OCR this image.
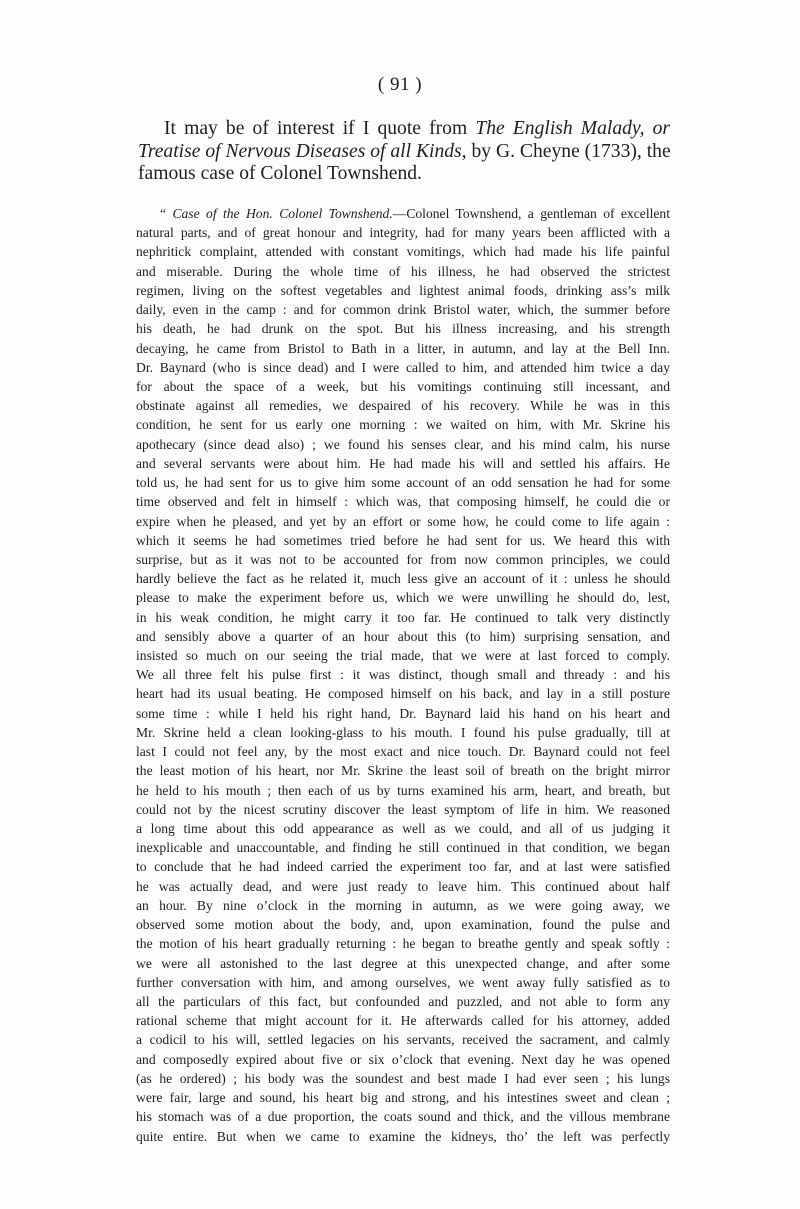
( 91 )
It may be of interest if I quote from The English Malady, or
Treatise of Nervous Diseases of all Kinds, by G. Cheyne (1733), the
famous case of Colonel Townshend.
“ Case of the Hon. Colonel Townshend.—Colonel Townshend, a gentleman of excellent
natural parts, and of great honour and integrity, had for many years been afflicted with a
nephritick complaint, attended with constant vomitings, which had made his life painful
and miserable. During the whole time of his illness, he had observed the strictest
regimen, living on the softest vegetables and lightest animal foods, drinking ass’s milk
daily, even in the camp : and for common drink Bristol water, which, the summer before
his death, he had drunk on the spot. But his illness increasing, and his strength
decaying, he came from Bristol to Bath in a litter, in autumn, and lay at the Bell Inn.
Dr. Baynard (who is since dead) and I were called to him, and attended him twice a day
for about the space of a week, but his vomitings continuing still incessant, and
obstinate against all remedies, we despaired of his recovery. While he was in this
condition, he sent for us early one morning : we waited on him, with Mr. Skrine his
apothecary (since dead also) ; we found his senses clear, and his mind calm, his nurse
and several servants were about him. He had made his will and settled his affairs. He
told us, he had sent for us to give him some account of an odd sensation he had for some
time observed and felt in himself : which was, that composing himself, he could die or
expire when he pleased, and yet by an effort or some how, he could come to life again :
which it seems he had sometimes tried before he had sent for us. We heard this with
surprise, but as it was not to be accounted for from now common principles, we could
hardly believe the fact as he related it, much less give an account of it : unless he should
please to make the experiment before us, which we were unwilling he should do, lest,
in his weak condition, he might carry it too far. He continued to talk very distinctly
and sensibly above a quarter of an hour about this (to him) surprising sensation, and
insisted so much on our seeing the trial made, that we were at last forced to comply.
We all three felt his pulse first : it was distinct, though small and thready : and his
heart had its usual beating. He composed himself on his back, and lay in a still posture
some time : while I held his right hand, Dr. Baynard laid his hand on his heart and
Mr. Skrine held a clean looking-glass to his mouth. I found his pulse gradually, till at
last I could not feel any, by the most exact and nice touch. Dr. Baynard could not feel
the least motion of his heart, nor Mr. Skrine the least soil of breath on the bright mirror
he held to his mouth ; then each of us by turns examined his arm, heart, and breath, but
could not by the nicest scrutiny discover the least symptom of life in him. We reasoned
a long time about this odd appearance as well as we could, and all of us judging it
inexplicable and unaccountable, and finding he still continued in that condition, we began
to conclude that he had indeed carried the experiment too far, and at last were satisfied
he was actually dead, and were just ready to leave him. This continued about half
an hour. By nine o’clock in the morning in autumn, as we were going away, we
observed some motion about the body, and, upon examination, found the pulse and
the motion of his heart gradually returning : he began to breathe gently and speak softly :
we were all astonished to the last degree at this unexpected change, and after some
further conversation with him, and among ourselves, we went away fully satisfied as to
all the particulars of this fact, but confounded and puzzled, and not able to form any
rational scheme that might account for it. He afterwards called for his attorney, added
a codicil to his will, settled legacies on his servants, received the sacrament, and calmly
and composedly expired about five or six o’clock that evening. Next day he was opened
(as he ordered) ; his body was the soundest and best made I had ever seen ; his lungs
were fair, large and sound, his heart big and strong, and his intestines sweet and clean ;
his stomach was of a due proportion, the coats sound and thick, and the villous membrane
quite entire. But when we came to examine the kidneys, tho’ the left was perfectly
